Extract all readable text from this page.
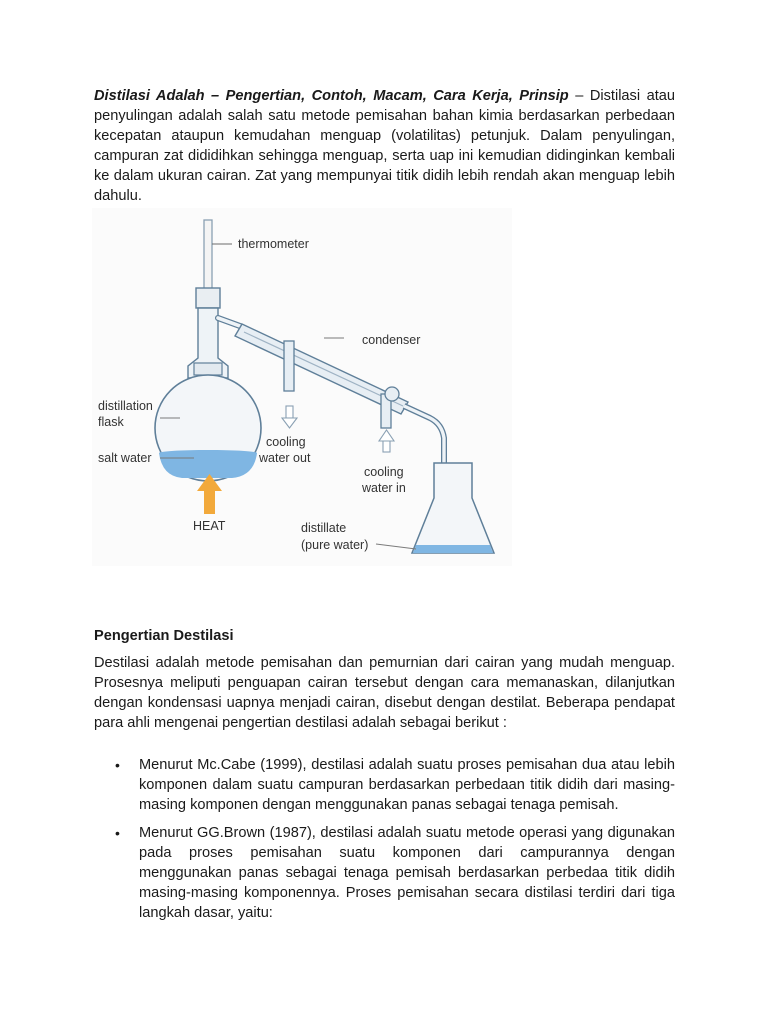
Distilasi Adalah – Pengertian, Contoh, Macam, Cara Kerja, Prinsip – Distilasi atau penyulingan adalah salah satu metode pemisahan bahan kimia berdasarkan perbedaan kecepatan ataupun kemudahan menguap (volatilitas) petunjuk. Dalam penyulingan, campuran zat dididihkan sehingga menguap, serta uap ini kemudian didinginkan kembali ke dalam ukuran cairan. Zat yang mempunyai titik didih lebih rendah akan menguap lebih dahulu.

thermometer
condenser
distillation
flask
salt water
cooling
water out
cooling
water in
HEAT	distillate
(pure water)
Pengertian Destilasi

Destilasi adalah metode pemisahan dan pemurnian dari cairan yang mudah menguap. Prosesnya meliputi penguapan cairan tersebut dengan cara memanaskan, dilanjutkan dengan kondensasi uapnya menjadi cairan, disebut dengan destilat. Beberapa pendapat para ahli mengenai pengertian destilasi adalah sebagai berikut :

•	Menurut Mc.Cabe (1999), destilasi adalah suatu proses pemisahan dua atau lebih komponen dalam suatu campuran berdasarkan perbedaan titik didih dari masing-masing komponen dengan menggunakan panas sebagai tenaga pemisah.
•	Menurut GG.Brown (1987), destilasi adalah suatu metode operasi yang digunakan pada proses pemisahan suatu komponen dari campurannya dengan menggunakan panas sebagai tenaga pemisah berdasarkan perbedaa titik didih masing-masing komponennya. Proses pemisahan secara distilasi terdiri dari tiga langkah dasar, yaitu:
